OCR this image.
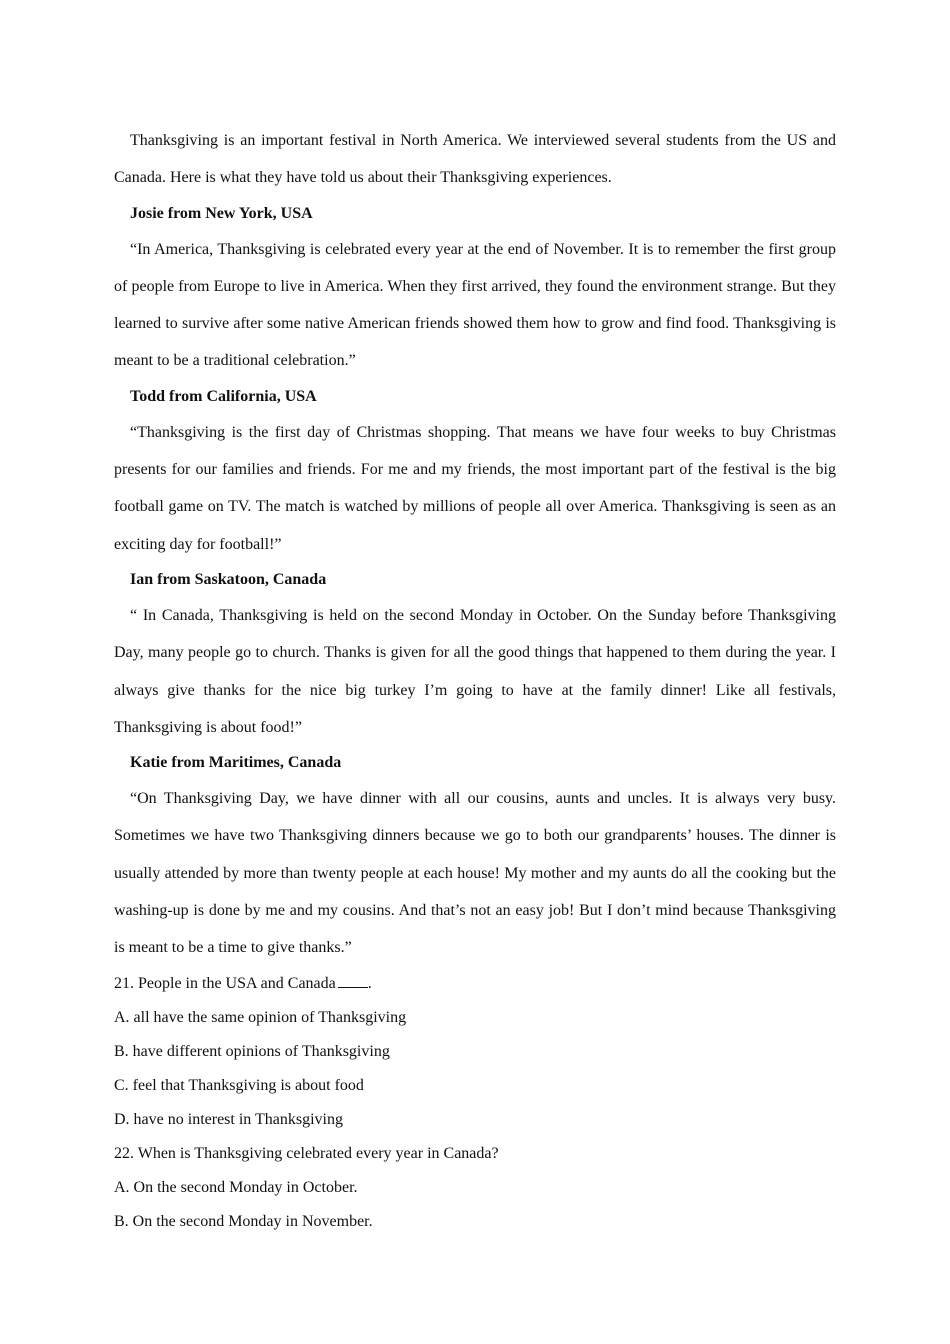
Thanksgiving is an important festival in North America. We interviewed several students from the US and Canada. Here is what they have told us about their Thanksgiving experiences.

Josie from New York, USA

“In America, Thanksgiving is celebrated every year at the end of November. It is to remember the first group of people from Europe to live in America. When they first arrived, they found the environment strange. But they learned to survive after some native American friends showed them how to grow and find food. Thanksgiving is meant to be a traditional celebration.”

Todd from California, USA

“Thanksgiving is the first day of Christmas shopping. That means we have four weeks to buy Christmas presents for our families and friends. For me and my friends, the most important part of the festival is the big football game on TV. The match is watched by millions of people all over America. Thanksgiving is seen as an exciting day for football!”

Ian from Saskatoon, Canada

“ In Canada, Thanksgiving is held on the second Monday in October. On the Sunday before Thanksgiving Day, many people go to church. Thanks is given for all the good things that happened to them during the year. I always give thanks for the nice big turkey I’m going to have at the family dinner! Like all festivals, Thanksgiving is about food!”

Katie from Maritimes, Canada

“On Thanksgiving Day, we have dinner with all our cousins, aunts and uncles. It is always very busy. Sometimes we have two Thanksgiving dinners because we go to both our grandparents’ houses. The dinner is usually attended by more than twenty people at each house! My mother and my aunts do all the cooking but the washing-up is done by me and my cousins. And that’s not an easy job! But I don’t mind because Thanksgiving is meant to be a time to give thanks.”

21. People in the USA and Canada .

A. all have the same opinion of Thanksgiving

B. have different opinions of Thanksgiving

C. feel that Thanksgiving is about food

D. have no interest in Thanksgiving

22. When is Thanksgiving celebrated every year in Canada?

A. On the second Monday in October.

B. On the second Monday in November.
